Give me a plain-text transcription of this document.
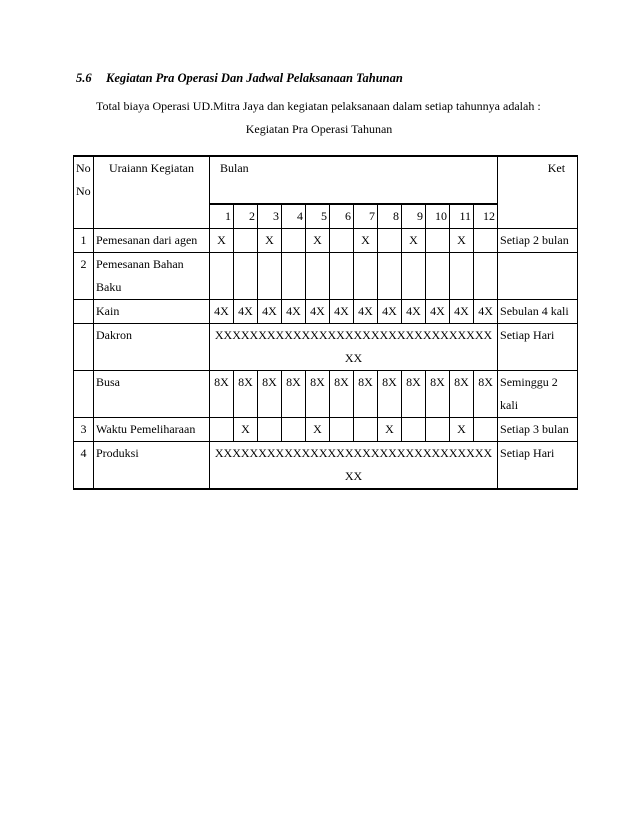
5.6 Kegiatan Pra Operasi Dan Jadwal Pelaksanaan Tahunan
Total biaya Operasi UD.Mitra Jaya dan kegiatan pelaksanaan dalam setiap tahunnya adalah :
Kegiatan Pra Operasi Tahunan
No No	Uraiann Kegiatan	Bulan												Ket
		1	2	3	4	5	6	7	8	9	10	11	12	
1	Pemesanan dari agen	X		X		X		X		X		X		Setiap 2 bulan
2	Pemesanan Bahan Baku													
	Kain	4X	4X	4X	4X	4X	4X	4X	4X	4X	4X	4X	4X	Sebulan 4 kali
	Dakron	XXXXXXXXXXXXXXXXXXXXXXXXXXXXXXXXXX												Setiap Hari
	Busa	8X	8X	8X	8X	8X	8X	8X	8X	8X	8X	8X	8X	Seminggu 2 kali
3	Waktu Pemeliharaan		X			X			X			X		Setiap 3 bulan
4	Produksi	XXXXXXXXXXXXXXXXXXXXXXXXXXXXXXXXXX												Setiap Hari
